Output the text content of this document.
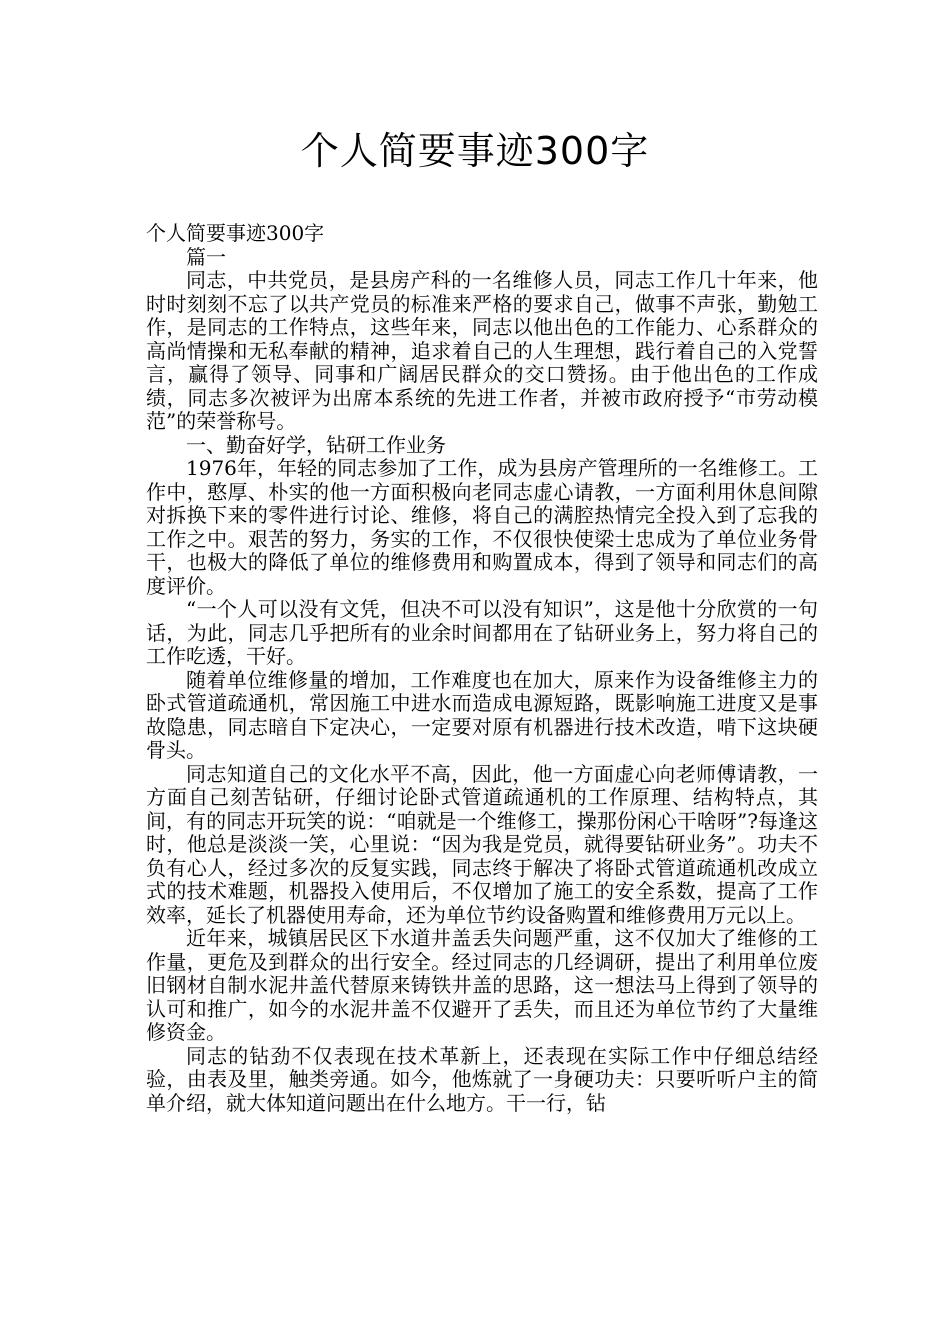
个人简要事迹300字

个人简要事迹300字

篇一

同志，中共党员，是县房产科的一名维修人员，同志工作几十年来，他时时刻刻不忘了以共产党员的标准来严格的要求自己，做事不声张，勤勉工作，是同志的工作特点，这些年来，同志以他出色的工作能力、心系群众的高尚情操和无私奉献的精神，追求着自己的人生理想，践行着自己的入党誓言，赢得了领导、同事和广阔居民群众的交口赞扬。由于他出色的工作成绩，同志多次被评为出席本系统的先进工作者，并被市政府授予“市劳动模范”的荣誉称号。

一、勤奋好学，钻研工作业务

1976年，年轻的同志参加了工作，成为县房产管理所的一名维修工。工作中，憨厚、朴实的他一方面积极向老同志虚心请教，一方面利用休息间隙对拆换下来的零件进行讨论、维修，将自己的满腔热情完全投入到了忘我的工作之中。艰苦的努力，务实的工作，不仅很快使梁士忠成为了单位业务骨干，也极大的降低了单位的维修费用和购置成本，得到了领导和同志们的高度评价。

“一个人可以没有文凭，但决不可以没有知识”，这是他十分欣赏的一句话，为此，同志几乎把所有的业余时间都用在了钻研业务上，努力将自己的工作吃透，干好。

随着单位维修量的增加，工作难度也在加大，原来作为设备维修主力的卧式管道疏通机，常因施工中进水而造成电源短路，既影响施工进度又是事故隐患，同志暗自下定决心，一定要对原有机器进行技术改造，啃下这块硬骨头。

同志知道自己的文化水平不高，因此，他一方面虚心向老师傅请教，一方面自己刻苦钻研，仔细讨论卧式管道疏通机的工作原理、结构特点，其间，有的同志开玩笑的说：“咱就是一个维修工，操那份闲心干啥呀”?每逢这时，他总是淡淡一笑，心里说：“因为我是党员，就得要钻研业务”。功夫不负有心人，经过多次的反复实践，同志终于解决了将卧式管道疏通机改成立式的技术难题，机器投入使用后，不仅增加了施工的安全系数，提高了工作效率，延长了机器使用寿命，还为单位节约设备购置和维修费用万元以上。

近年来，城镇居民区下水道井盖丢失问题严重，这不仅加大了维修的工作量，更危及到群众的出行安全。经过同志的几经调研，提出了利用单位废旧钢材自制水泥井盖代替原来铸铁井盖的思路，这一想法马上得到了领导的认可和推广，如今的水泥井盖不仅避开了丢失，而且还为单位节约了大量维修资金。

同志的钻劲不仅表现在技术革新上，还表现在实际工作中仔细总结经验，由表及里，触类旁通。如今，他炼就了一身硬功夫：只要听听户主的简单介绍，就大体知道问题出在什么地方。干一行，钻
